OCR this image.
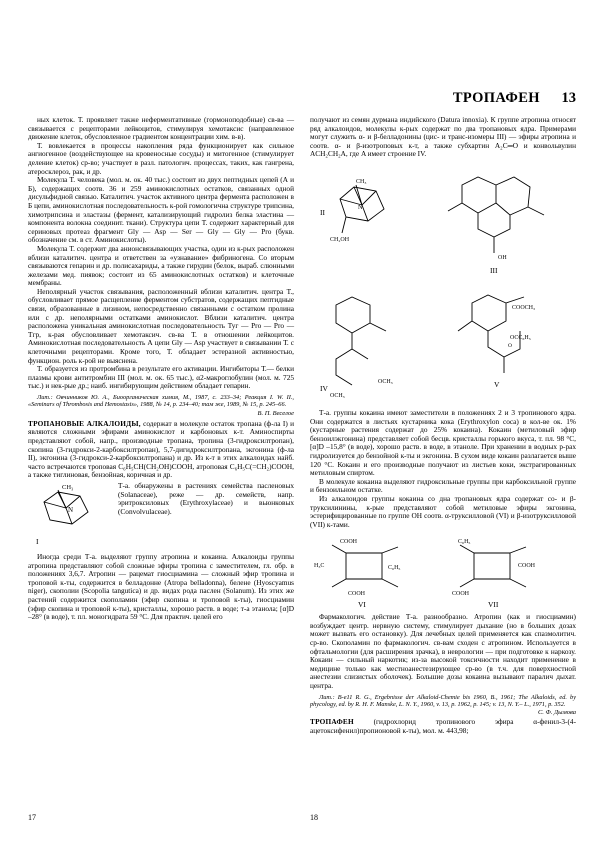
ТРОПАФЕН 13

ных клеток. Т. проявляет также неферментативные (гормоноподобные) св-ва — связывается с рецепторами лейкоцитов, стимулируя хемотаксис (направленное движение клеток, обусловленное градиентом концентрации хим. в-в).

Т. вовлекается в процессы накопления ряда функционирует как сильное ангиогенное (воздействующее на кровеносные сосуды) и митогенное (стимулирует деление клеток) ср-во; участвует в разл. патологич. процессах, таких, как гангрена, атеросклероз, рак, и др.

Молекула Т. человека (мол. м. ок. 40 тыс.) состоит из двух пептидных цепей (А и Б), содержащих соотв. 36 и 259 аминокислотных остатков, связанных одной дисульфидной связью. Каталитич. участок активного центра фермента расположен в Б цепи, аминокислотная последовательность к-рой гомологична структуре трипсина, химотрипсина и эластазы (фермент, катализирующий гидролиз белка эластина — компонента волокна соединит. ткани). Структура цепи Т. содержит характерный для сериновых протеаз фрагмент Gly — Asp — Ser — Gly — Gly — Pro (букв. обозначение см. в ст. Аминокислоты).

Молекула Т. содержит два анионсвязывающих участка, один из к-рых расположен вблизи каталитич. центра и ответствен за «узнавание» фибриногена. Со вторым связываются гепарин и др. полисахариды, а также гирудин (белок, выраб. слюнными железами мед. пиявок; состоит из 65 аминокислотных остатков) и клеточные мембраны.

Неполярный участок связывания, расположенный вблизи каталитич. центра Т., обусловливает прямое расщепление ферментом субстратов, содержащих пептидные связи, образованные в лизином, непосредственно связанными с остатком пролина или с др. неполярными остатками аминокислот. Вблизи каталитич. центра расположена уникальная аминокислотная последовательность Туг — Pro — Pro — Тгр, к-рая обусловливает хемотаксич. св-ва Т. в отношении лейкоцитов. Аминокислотная последовательность А цепи Gly — Asp участвует в связывании Т. с клеточными рецепторами. Кроме того, Т. обладает эстеразной активностью, функцион. роль к-рой не выяснена.

Т. образуется из протромбина в результате его активации. Ингибиторы Т.— белки плазмы крови антитромбин III (мол. м. ок. 65 тыс.), α2-макроглобулин (мол. м. 725 тыс.) и нек-рые др.; наиб. ингибирующим действием обладает гепарин.

Лит.: Овчинников Ю. А., Биоорганическая химия, М., 1987, с. 233–34; Реакция I. W. II., «Seminars of Thrombosis and Hemostasis», 1988, № 14, p. 234–40; там же, 1989, № 15, p. 245–66.

В. П. Веселое

ТРОПАНОВЫЕ АЛКАЛОИДЫ, содержат в молекуле остаток тропана (ф-ла I) и являются сложными эфирами аминокислот и карбоновых к-т. Аминоспирты представляют собой, напр., производные тропана, тропина (3-гидроксилтропан), скопина (3-гидрокси-2-карбоксилтропан), 5,7-дигидроксилтропана, экгонина (ф-ла II), экгонина (3-гидрокси-2-карбоксилтропана) и др. Из к-т в этих алкалоидах найб. часто встречаются троповая C₆H₅CH(CH₂OH)COOH, атроповая C₆H₅C(=CH₂)COOH, а также тиглиновая, бензойная, коричная и др.

CH₃
N
I

Т-а. обнаружены в растениях семейства пасленовых (Solanaceae), реже — др. семейств, напр. эритроксиловых (Erythroxylaceae) и вьюнковых (Convolvulaceae).

Иногда среди Т-а. выделяют группу атропина и кокаина. Алкалоиды группы атропина представляют собой сложные эфиры тропина с заместителем, гл. обр. в положениях 3,6,7. Атропин — рацемат гиосциамина — сложный эфир тропина и троповой к-ты, содержится в белладонне (Atropa belladonna), белене (Hyoscyamus niger), скополии (Scopolia tangutica) и др. видах рода паслен (Solanum). Из этих же растений содержится скополамин (эфир скопина и троповой к-ты), гиосциамин (эфир скопина и троповой к-ты), кристаллы, хорошо раств. в воде; т-а этанола; [α]D –28° (в воде), т. пл. моногидрата 59 °C. Для практич. целей его

получают из семян дурмана индийского (Datura innoxia). К группе атропина относят ряд алкалоидов, молекулы к-рых содержат по два тропановых ядра. Примерами могут служить α- и β-белладонины (цис- и транс-изомеры III) — эфиры атропина и соотв. α- и β-изотроповых к-т, а также субхартин A₂C═O и конвольвулин ACH₂CH₂A, где A имеет строение IV.

N
CH₃
CH₂OH
II
III
OH
IV
OCH₃
OCH₃
COOCH₃
OCC₆H₅
O
V

Т-а. группы кокаина имеют заместители в положениях 2 и 3 тропинового ядра. Они содержатся в листьях кустарника кока (Erythroxylon coca) в кол-ве ок. 1% (кустарные растения содержат до 25% кокаина). Кокаин (метиловый эфир бензоилэкгонина) представляет собой бесцв. кристаллы горького вкуса, т. пл. 98 °C, [α]D –15,8° (в воде), хорошо раств. в воде, в этаноле. При хранении в водных р-рах гидролизуется до бензойной к-ты и экгонина. В сухом виде кокаин разлагается выше 120 °C. Кокаин и его производные получают из листьев коки, экстрагированных метиловым спиртом.

В молекуле кокаина выделяют гидроксильные группы при карбоксильной группе и бензоильном остатке.

Из алкалоидов группы кокаина со дна тропановых ядра содержат со- и β-труксилинины, к-рые представляют собой метиловые эфиры экгонина, эстерифицированные по группе OH соотв. α-труксилловой (VI) и β-изотруксилловой (VII) к-тами.

COOH
H₃C	C₆H₅
COOH
C₆H₅
COOH
COOH
VI	VII

Фармакологич. действие Т-а. разнообразно. Атропин (как и гиосциамин) возбуждает центр. нервную систему, стимулирует дыхание (но в больших дозах может вызвать его остановку). Для лечебных целей применяется как спазмолитич. ср-во. Скополамин по фармакологич. св-вам сходен с атропином. Используется в офтальмологии (для расширения зрачка), в неврологии — при подготовке к наркозу. Кокаин — сильный наркотик; из-за высокой токсичности находит применение в медицине только как местноанестезирующее ср-во (в т.ч. для поверхностной анестезии слизистых оболочек). Большие дозы кокаина вызывают паралич дыхат. центра.

Лит.: B-е11 R. G., Ergebnisse der Alkaloid-Chemie bis 1960, B., 1961; Тhе Alkaloids, ed. by phycology, ed. by R. H. F. Manske, L. N. Y., 1960, v. 13, p. 1962, p. 145; v. 13, N. Y.– L., 1971, p. 352.

С. Ф. Дымова

ТРОПАФЕН	(гидрохлорид тропинового эфира α-фенил-3-(4-ацетоксифенил)пропионовой к-ты), мол. м. 443,98;

17	18
